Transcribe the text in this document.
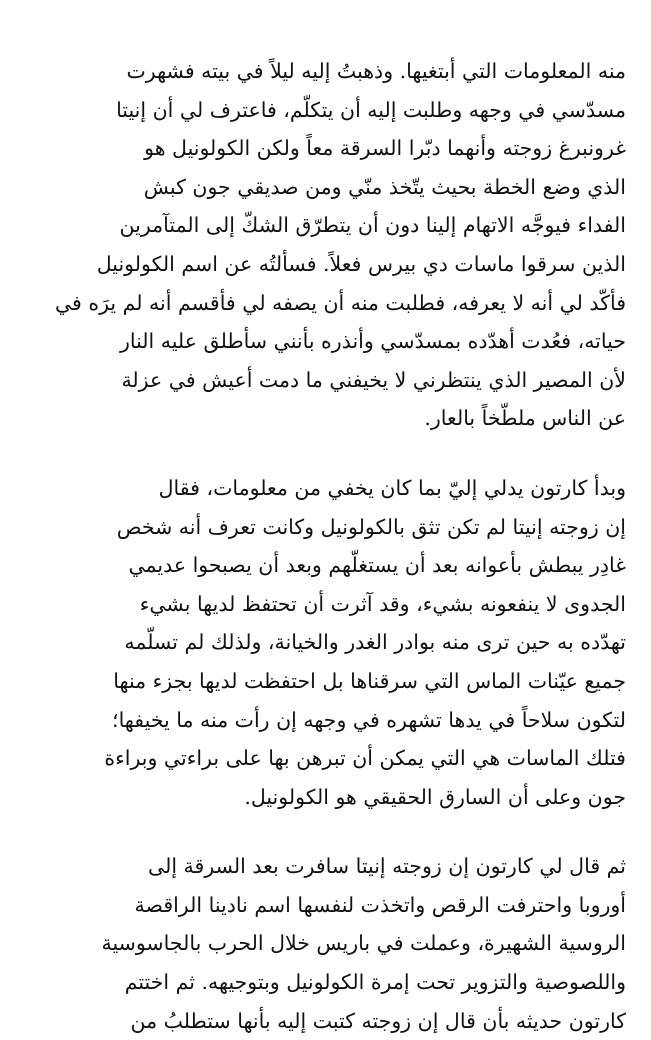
منه المعلومات التي أبتغيها. وذهبتُ إليه ليلاً في بيته فشهرت
مسدّسي في وجهه وطلبت إليه أن يتكلّم، فاعترف لي أن إنيتا
غرونبرغ زوجته وأنهما دبّرا السرقة معاً ولكن الكولونيل هو
الذي وضع الخطة بحيث يتّخذ منّي ومن صديقي جون كبش
الفداء فيوجَّه الاتهام إلينا دون أن يتطرّق الشكّ إلى المتآمرين
الذين سرقوا ماسات دي بيرس فعلاً. فسألتُه عن اسم الكولونيل
فأكّد لي أنه لا يعرفه، فطلبت منه أن يصفه لي فأقسم أنه لم يرَه في
حياته، فعُدت أهدّده بمسدّسي وأنذره بأنني سأطلق عليه النار
لأن المصير الذي ينتظرني لا يخيفني ما دمت أعيش في عزلة
عن الناس ملطّخاً بالعار.
وبدأ كارتون يدلي إليّ بما كان يخفي من معلومات، فقال
إن زوجته إنيتا لم تكن تثق بالكولونيل وكانت تعرف أنه شخص
غادِر يبطش بأعوانه بعد أن يستغلّهم وبعد أن يصبحوا عديمي
الجدوى لا ينفعونه بشيء، وقد آثرت أن تحتفظ لديها بشيء
تهدّده به حين ترى منه بوادر الغدر والخيانة، ولذلك لم تسلّمه
جميع عيّنات الماس التي سرقناها بل احتفظت لديها بجزء منها
لتكون سلاحاً في يدها تشهره في وجهه إن رأت منه ما يخيفها؛
فتلك الماسات هي التي يمكن أن تبرهن بها على براءتي وبراءة
جون وعلى أن السارق الحقيقي هو الكولونيل.
ثم قال لي كارتون إن زوجته إنيتا سافرت بعد السرقة إلى
أوروبا واحترفت الرقص واتخذت لنفسها اسم نادينا الراقصة
الروسية الشهيرة، وعملت في باريس خلال الحرب بالجاسوسية
واللصوصية والتزوير تحت إمرة الكولونيل وبتوجيهه. ثم اختتم
كارتون حديثه بأن قال إن زوجته كتبت إليه بأنها ستطلبُ من
